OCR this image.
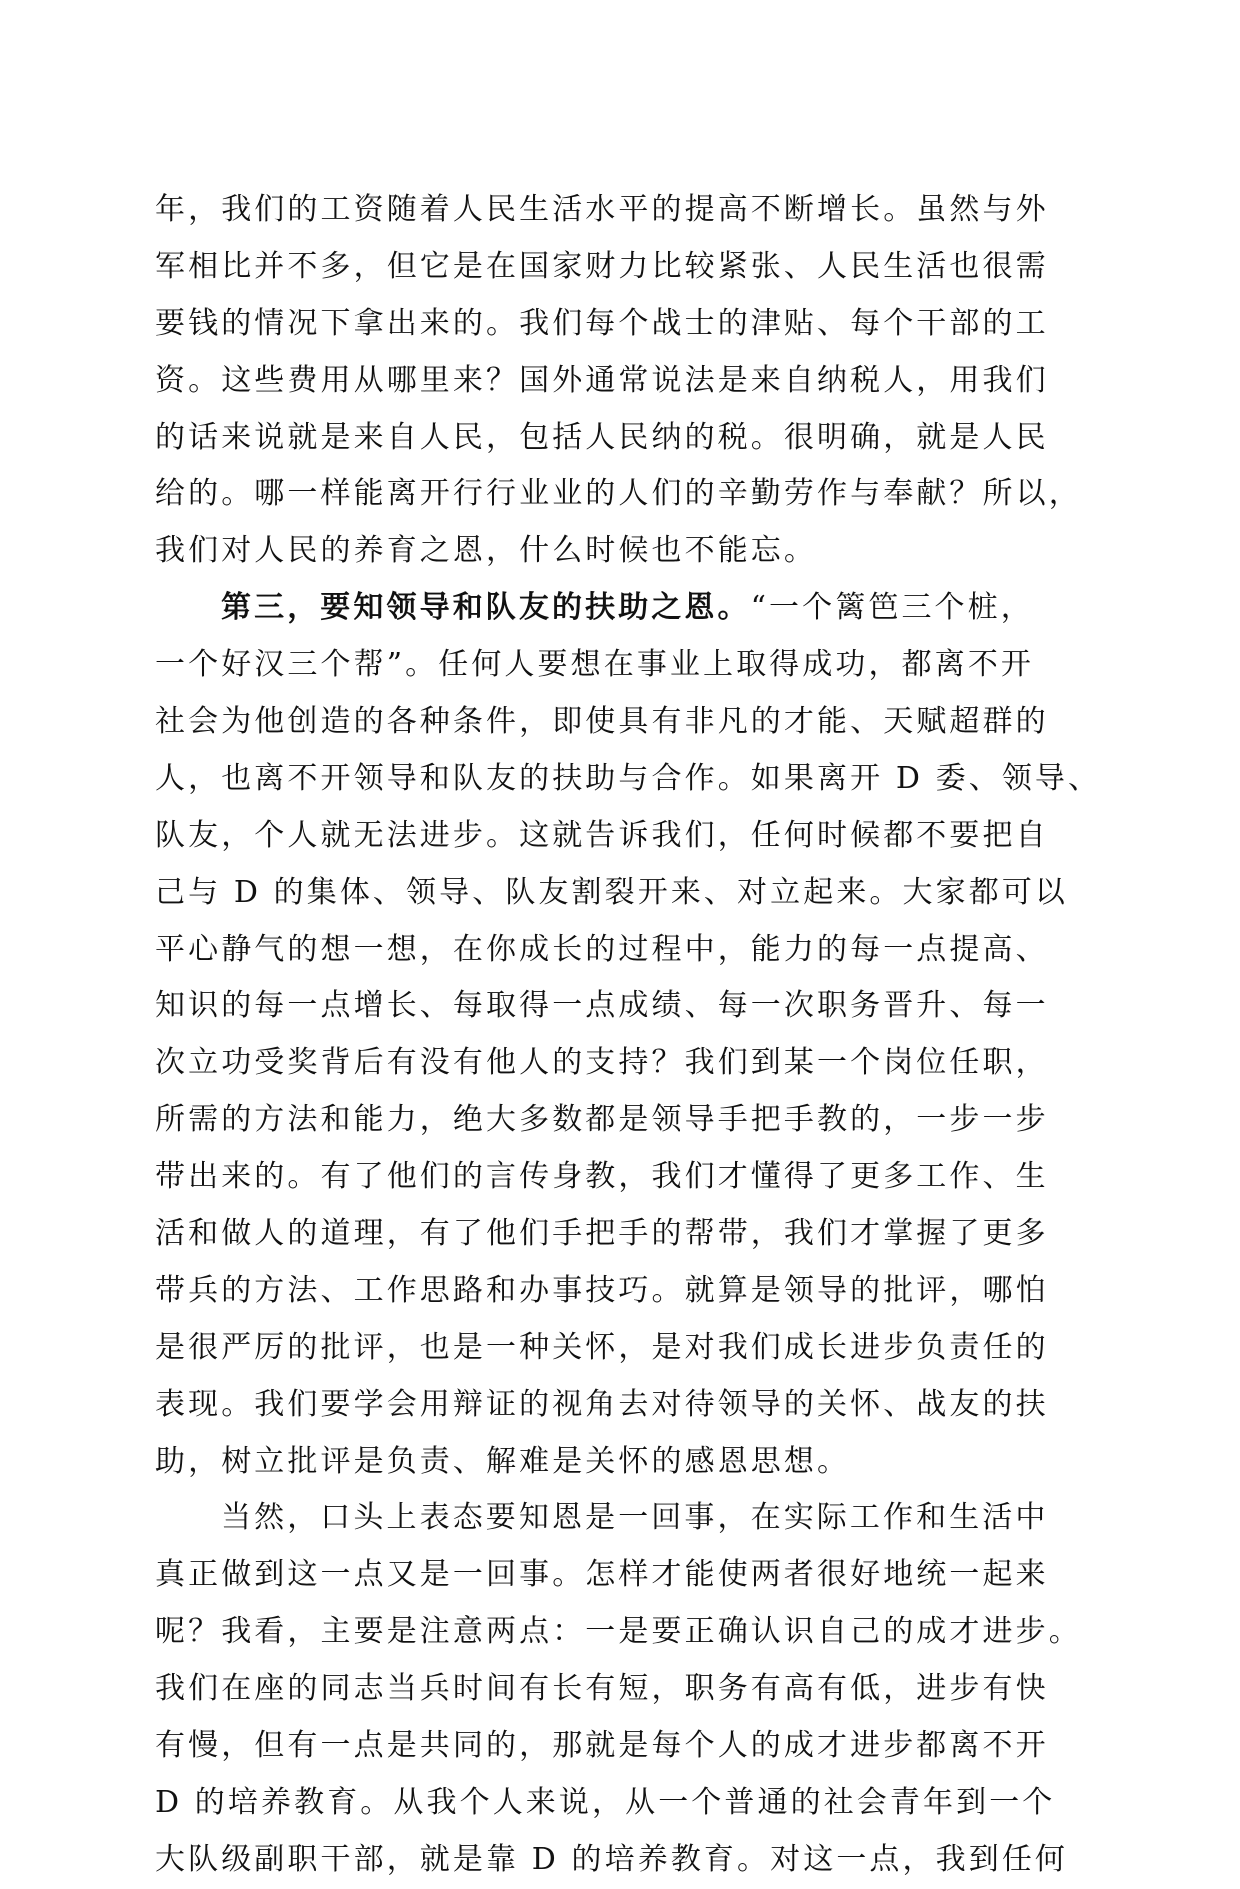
年，我们的工资随着人民生活水平的提高不断增长。虽然与外
军相比并不多，但它是在国家财力比较紧张、人民生活也很需
要钱的情况下拿出来的。我们每个战士的津贴、每个干部的工
资。这些费用从哪里来？国外通常说法是来自纳税人，用我们
的话来说就是来自人民，包括人民纳的税。很明确，就是人民
给的。哪一样能离开行行业业的人们的辛勤劳作与奉献？所以，
我们对人民的养育之恩，什么时候也不能忘。
第三，要知领导和队友的扶助之恩。“一个篱笆三个桩，
一个好汉三个帮”。任何人要想在事业上取得成功，都离不开
社会为他创造的各种条件，即使具有非凡的才能、天赋超群的
人，也离不开领导和队友的扶助与合作。如果离开 D 委、领导、
队友，个人就无法进步。这就告诉我们，任何时候都不要把自
己与 D 的集体、领导、队友割裂开来、对立起来。大家都可以
平心静气的想一想，在你成长的过程中，能力的每一点提高、
知识的每一点增长、每取得一点成绩、每一次职务晋升、每一
次立功受奖背后有没有他人的支持？我们到某一个岗位任职，
所需的方法和能力，绝大多数都是领导手把手教的，一步一步
带出来的。有了他们的言传身教，我们才懂得了更多工作、生
活和做人的道理，有了他们手把手的帮带，我们才掌握了更多
带兵的方法、工作思路和办事技巧。就算是领导的批评，哪怕
是很严厉的批评，也是一种关怀，是对我们成长进步负责任的
表现。我们要学会用辩证的视角去对待领导的关怀、战友的扶
助，树立批评是负责、解难是关怀的感恩思想。
当然，口头上表态要知恩是一回事，在实际工作和生活中
真正做到这一点又是一回事。怎样才能使两者很好地统一起来
呢？我看，主要是注意两点：一是要正确认识自己的成才进步。
我们在座的同志当兵时间有长有短，职务有高有低，进步有快
有慢，但有一点是共同的，那就是每个人的成才进步都离不开
D 的培养教育。从我个人来说，从一个普通的社会青年到一个
大队级副职干部，就是靠 D 的培养教育。对这一点，我到任何
